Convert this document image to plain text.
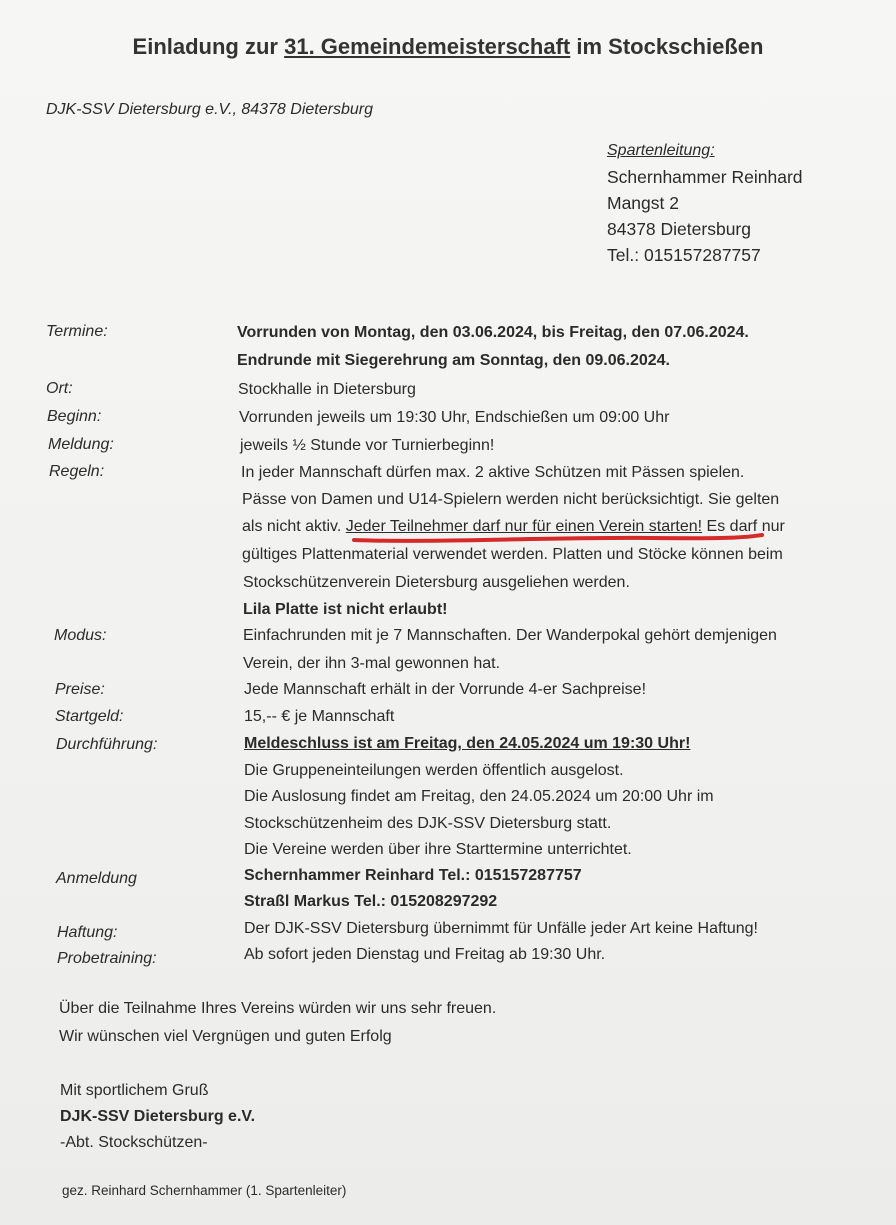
Einladung zur 31. Gemeindemeisterschaft im Stockschießen
DJK-SSV Dietersburg e.V., 84378 Dietersburg
Spartenleitung:
Schernhammer Reinhard
Mangst 2
84378 Dietersburg
Tel.: 015157287757
Termine:	Vorrunden von Montag, den 03.06.2024, bis Freitag, den 07.06.2024.
Endrunde mit Siegerehrung am Sonntag, den 09.06.2024.
Ort:	Stockhalle in Dietersburg
Beginn:	Vorrunden jeweils um 19:30 Uhr, Endschießen um 09:00 Uhr
Meldung:	jeweils ½ Stunde vor Turnierbeginn!
Regeln:	In jeder Mannschaft dürfen max. 2 aktive Schützen mit Pässen spielen.
Pässe von Damen und U14-Spielern werden nicht berücksichtigt. Sie gelten
als nicht aktiv. Jeder Teilnehmer darf nur für einen Verein starten! Es darf nur
gültiges Plattenmaterial verwendet werden. Platten und Stöcke können beim
Stockschützenverein Dietersburg ausgeliehen werden.
Lila Platte ist nicht erlaubt!
Modus:	Einfachrunden mit je 7 Mannschaften. Der Wanderpokal gehört demjenigen
Verein, der ihn 3-mal gewonnen hat.
Preise:	Jede Mannschaft erhält in der Vorrunde 4-er Sachpreise!
Startgeld:	15,-- € je Mannschaft
Durchführung:	Meldeschluss ist am Freitag, den 24.05.2024 um 19:30 Uhr!
Die Gruppeneinteilungen werden öffentlich ausgelost.
Die Auslosung findet am Freitag, den 24.05.2024 um 20:00 Uhr im
Stockschützenheim des DJK-SSV Dietersburg statt.
Die Vereine werden über ihre Starttermine unterrichtet.
Anmeldung	Schernhammer Reinhard Tel.: 015157287757
Straßl Markus Tel.: 015208297292
Haftung:	Der DJK-SSV Dietersburg übernimmt für Unfälle jeder Art keine Haftung!
Probetraining:	Ab sofort jeden Dienstag und Freitag ab 19:30 Uhr.
Über die Teilnahme Ihres Vereins würden wir uns sehr freuen.
Wir wünschen viel Vergnügen und guten Erfolg
Mit sportlichem Gruß
DJK-SSV Dietersburg e.V.
-Abt. Stockschützen-
gez. Reinhard Schernhammer (1. Spartenleiter)
